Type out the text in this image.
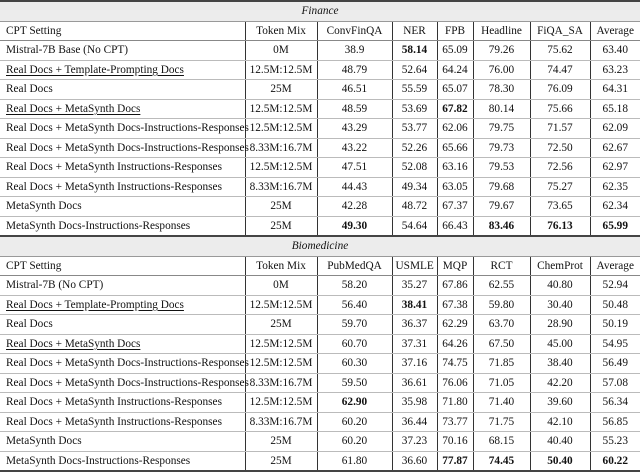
Finance							
CPT Setting	Token Mix	ConvFinQA	NER	FPB	Headline	FiQA_SA	Average
Mistral-7B Base (No CPT)	0M	38.9	58.14	65.09	79.26	75.62	63.40
Real Docs + Template-Prompting Docs	12.5M:12.5M	48.79	52.64	64.24	76.00	74.47	63.23
Real Docs	25M	46.51	55.59	65.07	78.30	76.09	64.31
Real Docs + MetaSynth Docs	12.5M:12.5M	48.59	53.69	67.82	80.14	75.66	65.18
Real Docs + MetaSynth Docs-Instructions-Responses	12.5M:12.5M	43.29	53.77	62.06	79.75	71.57	62.09
Real Docs + MetaSynth Docs-Instructions-Responses	8.33M:16.7M	43.22	52.26	65.66	79.73	72.50	62.67
Real Docs + MetaSynth Instructions-Responses	12.5M:12.5M	47.51	52.08	63.16	79.53	72.56	62.97
Real Docs + MetaSynth Instructions-Responses	8.33M:16.7M	44.43	49.34	63.05	79.68	75.27	62.35
MetaSynth Docs	25M	42.28	48.72	67.37	79.67	73.65	62.34
MetaSynth Docs-Instructions-Responses	25M	49.30	54.64	66.43	83.46	76.13	65.99
Biomedicine							
CPT Setting	Token Mix	PubMedQA	USMLE	MQP	RCT	ChemProt	Average
Mistral-7B (No CPT)	0M	58.20	35.27	67.86	62.55	40.80	52.94
Real Docs + Template-Prompting Docs	12.5M:12.5M	56.40	38.41	67.38	59.80	30.40	50.48
Real Docs	25M	59.70	36.37	62.29	63.70	28.90	50.19
Real Docs + MetaSynth Docs	12.5M:12.5M	60.70	37.31	64.26	67.50	45.00	54.95
Real Docs + MetaSynth Docs-Instructions-Responses	12.5M:12.5M	60.30	37.16	74.75	71.85	38.40	56.49
Real Docs + MetaSynth Docs-Instructions-Responses	8.33M:16.7M	59.50	36.61	76.06	71.05	42.20	57.08
Real Docs + MetaSynth Instructions-Responses	12.5M:12.5M	62.90	35.98	71.80	71.40	39.60	56.34
Real Docs + MetaSynth Instructions-Responses	8.33M:16.7M	60.20	36.44	73.77	71.75	42.10	56.85
MetaSynth Docs	25M	60.20	37.23	70.16	68.15	40.40	55.23
MetaSynth Docs-Instructions-Responses	25M	61.80	36.60	77.87	74.45	50.40	60.22
